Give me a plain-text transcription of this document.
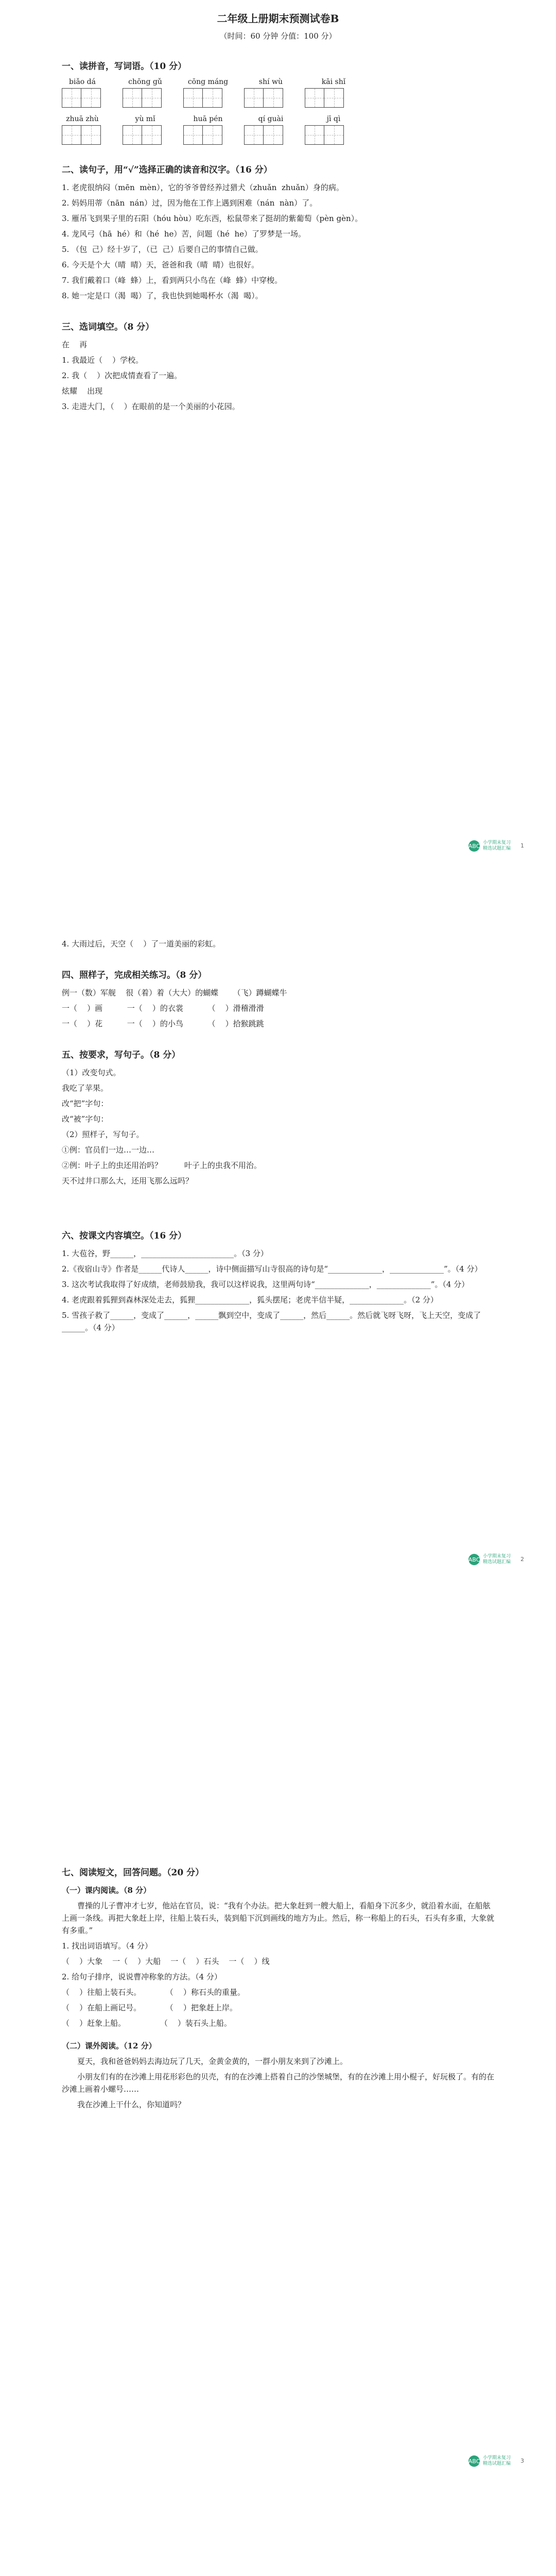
二年级上册期末预测试卷B
（时间：60 分钟 分值：100 分）
一、读拼音，写词语。（10 分）
biǎo dá	chōng gǔ	cōng máng	shí wù	kāi shǐ
zhuā zhù	yù mǐ	huā pén	qí guài	jī qì
二、读句子，用“√”选择正确的读音和汉字。（16 分）
1. 老虎很纳闷（mēn  mèn），它的爷爷曾经养过猎犬（zhuǎn  zhuǎn）身的病。
2. 妈妈用蒂（nān  nán）过，因为他在工作上遇到困难（nán  nàn）了。
3. 雁吊飞到果子里的石阳（hóu hòu）吃东西，松鼠带来了挺胡的紫葡萄（pèn gèn）。
4. 龙风弓（hā  hé）和（hé  he）苦，问题（hé  he）了罗梦是一场。
5. （包  己）经十岁了，（已  己）后要自己的事情自己做。
6. 今天是个大（晴  晴）天，爸爸和我（晴  晴）也很好。
7. 我们戴着口（峰  蜂）上，看到两只小鸟在（峰  蜂）中穿梭。
8. 她一定是口（渴  喝）了，我也快到她喝杯水（渴  喝）。
三、选词填空。（8 分）
在    再
1. 我最近（    ）学校。
2. 我（    ）次把成情查看了一遍。
炫耀    出现
3. 走进大门，（    ）在眼前的是一个美丽的小花园。
ABC 小学期末复习
精选试题汇编 1
4. 大雨过后，天空（    ）了一道美丽的彩虹。
四、照样子，完成相关练习。（8 分）
例一（数）军舰    很（着）着（大大）的蝴蝶      （飞）蹲蝴蝶牛
一（    ）画          一（    ）的衣裳          （    ）滑稽滑滑
一（    ）花          一（    ）的小鸟          （    ）拾猴跳跳
五、按要求，写句子。（8 分）
（1）改变句式。
我吃了苹果。
改“把”字句：
改“被”字句：
（2）照样子，写句子。
①例：官员们一边…一边…
②例：叶子上的虫还用治吗？         叶子上的虫我不用治。
天不过井口那么大，还用飞那么远吗？
六、按课文内容填空。（16 分）
1. 大苞谷，野______，________________________。（3 分）
2.《夜宿山寺》作者是______代诗人______，诗中侧面描写山寺很高的诗句是“______________，______________”。（4 分）
3. 这次考试我取得了好成绩，老师鼓励我，我可以这样说我，这里两句诗“______________，______________”。（4 分）
4. 老虎跟着狐狸到森林深处走去，狐狸______________，狐头摆尾；老虎半信半疑，______________。（2 分）
5. 雪孩子救了______，变成了______，______飘到空中，变成了______，然后______。然后就飞呀飞呀，飞上天空，变成了______。（4 分）
ABC 小学期末复习
精选试题汇编 2
七、阅读短文，回答问题。（20 分）
（一）课内阅读。（8 分）
曹操的儿子曹冲才七岁，他站在官员，说：“我有个办法。把大象赶到一艘大船上，看船身下沉多少，就沿着水面，在船舷上画一条线。再把大象赶上岸，往船上装石头，装到船下沉到画线的地方为止。然后，称一称船上的石头，石头有多重，大象就有多重。”
1. 找出词语填写。（4 分）
（    ）大象    一（    ）大船    一（    ）石头    一（    ）线
2. 给句子排序，说说曹冲称象的方法。（4 分）
（    ）往船上装石头。          （    ）称石头的重量。
（    ）在船上画记号。          （    ）把象赶上岸。
（    ）赶象上船。              （    ）装石头上船。
（二）课外阅读。（12 分）
夏天，我和爸爸妈妈去海边玩了几天，金黄金黄的，一群小朋友来到了沙滩上。
小朋友们有的在沙滩上用花形彩色的贝壳，有的在沙滩上搭着自己的沙堡城堡，有的在沙滩上用小棍子，好玩极了。有的在沙滩上画着小螺号……
我在沙滩上干什么，你知道吗？
ABC 小学期末复习
精选试题汇编 3
